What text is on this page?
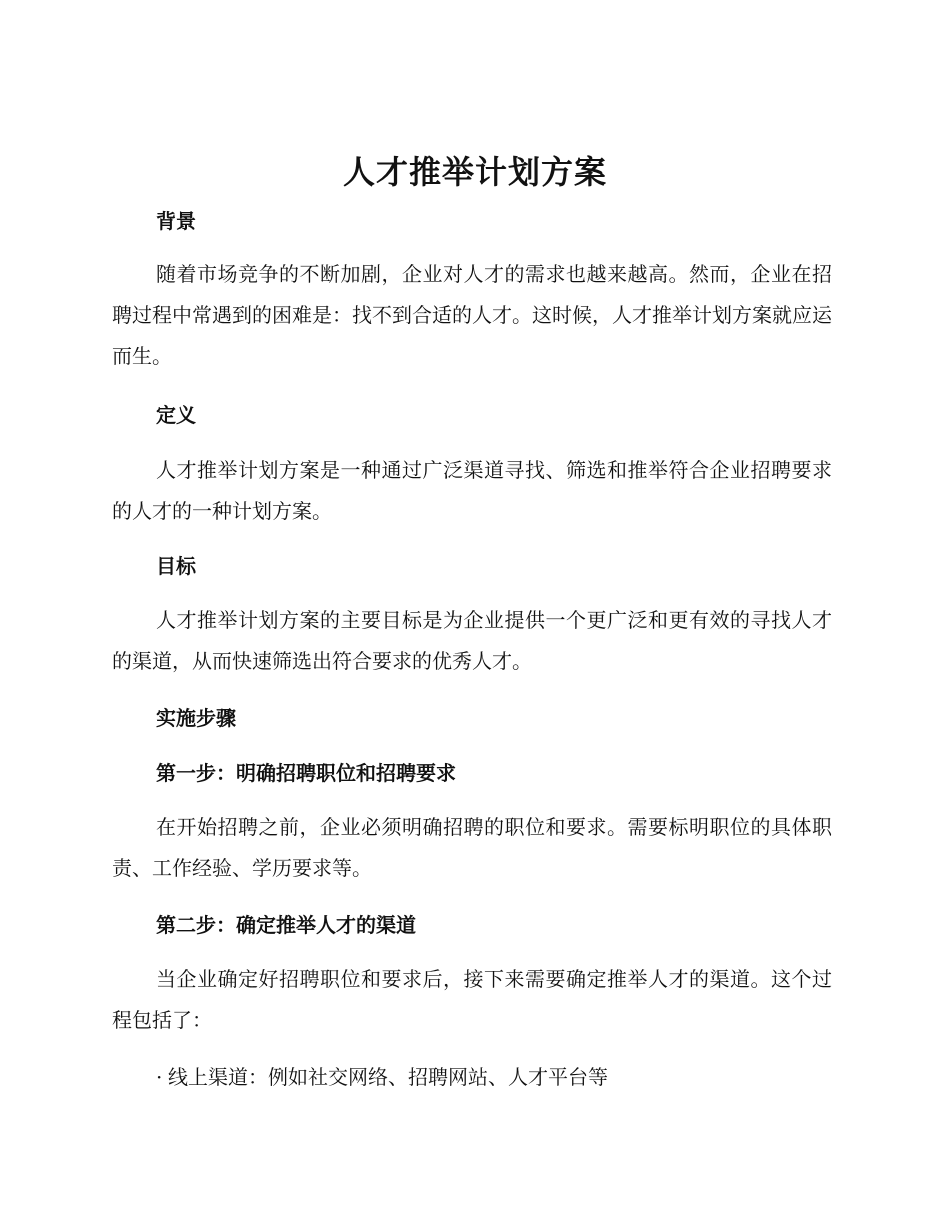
人才推举计划方案
背景
随着市场竞争的不断加剧，企业对人才的需求也越来越高。然而，企业在招聘过程中常遇到的困难是：找不到合适的人才。这时候，人才推举计划方案就应运而生。
定义
人才推举计划方案是一种通过广泛渠道寻找、筛选和推举符合企业招聘要求的人才的一种计划方案。
目标
人才推举计划方案的主要目标是为企业提供一个更广泛和更有效的寻找人才的渠道，从而快速筛选出符合要求的优秀人才。
实施步骤
第一步：明确招聘职位和招聘要求
在开始招聘之前，企业必须明确招聘的职位和要求。需要标明职位的具体职责、工作经验、学历要求等。
第二步：确定推举人才的渠道
当企业确定好招聘职位和要求后，接下来需要确定推举人才的渠道。这个过程包括了：
· 线上渠道：例如社交网络、招聘网站、人才平台等
